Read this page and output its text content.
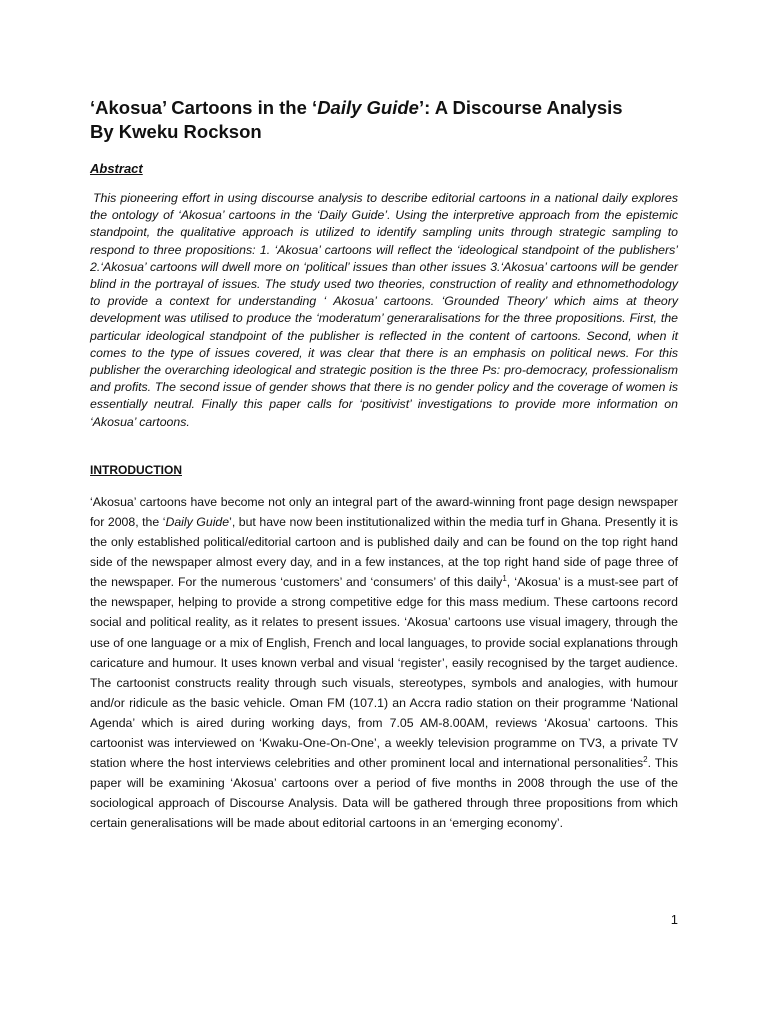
‘Akosua’ Cartoons in the ‘Daily Guide’: A Discourse Analysis
By Kweku Rockson
Abstract

This pioneering effort in using discourse analysis to describe editorial cartoons in a national daily explores the ontology of ‘Akosua’ cartoons in the ‘Daily Guide’. Using the interpretive approach from the epistemic standpoint, the qualitative approach is utilized to identify sampling units through strategic sampling to respond to three propositions: 1. ‘Akosua’ cartoons will reflect the ‘ideological standpoint of the publishers’ 2.‘Akosua’ cartoons will dwell more on ‘political’ issues than other issues 3.‘Akosua’ cartoons will be gender blind in the portrayal of issues. The study used two theories, construction of reality and ethnomethodology to provide a context for understanding ‘ Akosua’ cartoons. ‘Grounded Theory’ which aims at theory development was utilised to produce the ‘moderatum’ generaralisations for the three propositions. First, the particular ideological standpoint of the publisher is reflected in the content of cartoons. Second, when it comes to the type of issues covered, it was clear that there is an emphasis on political news. For this publisher the overarching ideological and strategic position is the three Ps: pro-democracy, professionalism and profits. The second issue of gender shows that there is no gender policy and the coverage of women is essentially neutral. Finally this paper calls for ‘positivist’ investigations to provide more information on ‘Akosua’ cartoons.

INTRODUCTION

‘Akosua’ cartoons have become not only an integral part of the award-winning front page design newspaper for 2008, the ‘Daily Guide’, but have now been institutionalized within the media turf in Ghana. Presently it is the only established political/editorial cartoon and is published daily and can be found on the top right hand side of the newspaper almost every day, and in a few instances, at the top right hand side of page three of the newspaper. For the numerous ‘customers’ and ‘consumers’ of this daily$^1$, ‘Akosua’ is a must-see part of the newspaper, helping to provide a strong competitive edge for this mass medium. These cartoons record social and political reality, as it relates to present issues. ‘Akosua’ cartoons use visual imagery, through the use of one language or a mix of English, French and local languages, to provide social explanations through caricature and humour. It uses known verbal and visual ‘register’, easily recognised by the target audience. The cartoonist constructs reality through such visuals, stereotypes, symbols and analogies, with humour and/or ridicule as the basic vehicle. Oman FM (107.1) an Accra radio station on their programme ‘National Agenda’ which is aired during working days, from 7.05 AM-8.00AM, reviews ‘Akosua’ cartoons. This cartoonist was interviewed on ‘Kwaku-One-On-One’, a weekly television programme on TV3, a private TV station where the host interviews celebrities and other prominent local and international personalities$^2$. This paper will be examining ‘Akosua’ cartoons over a period of five months in 2008 through the use of the sociological approach of Discourse Analysis. Data will be gathered through three propositions from which certain generalisations will be made about editorial cartoons in an ‘emerging economy’.

1
